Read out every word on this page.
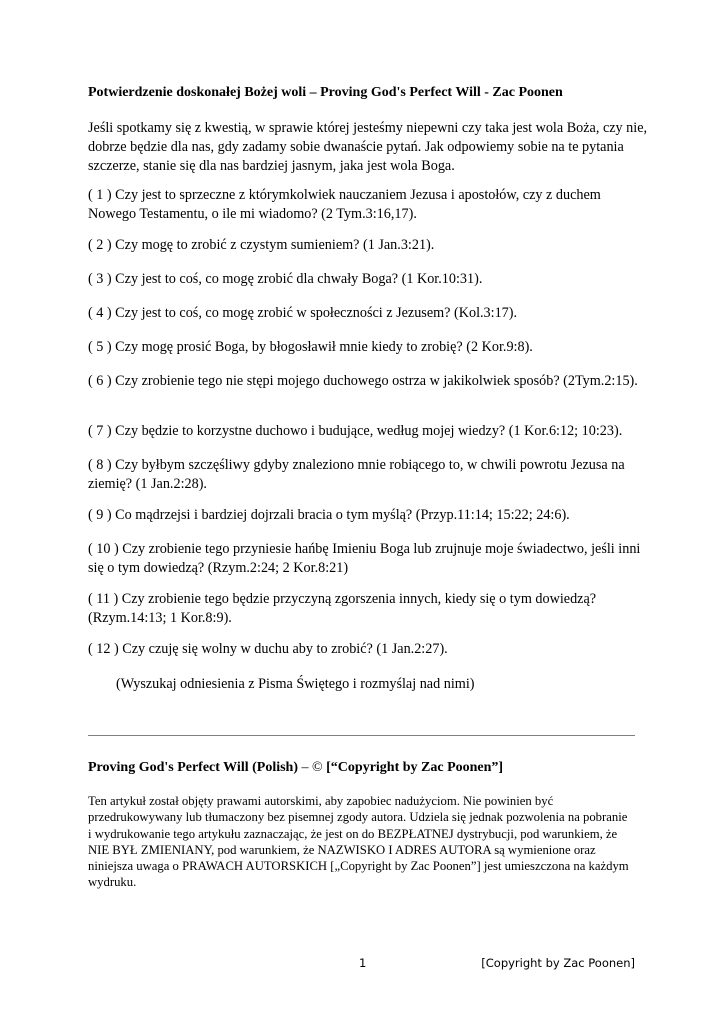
Potwierdzenie doskonałej Bożej woli – Proving God's Perfect Will - Zac Poonen

Jeśli spotkamy się z kwestią, w sprawie której jesteśmy niepewni czy taka jest wola Boża, czy nie, dobrze będzie dla nas, gdy zadamy sobie dwanaście pytań. Jak odpowiemy sobie na te pytania szczerze, stanie się dla nas bardziej jasnym, jaka jest wola Boga.

( 1 ) Czy jest to sprzeczne z którymkolwiek nauczaniem Jezusa i apostołów, czy z duchem Nowego Testamentu, o ile mi wiadomo? (2 Tym.3:16,17).

( 2 ) Czy mogę to zrobić z czystym sumieniem? (1 Jan.3:21).

( 3 ) Czy jest to coś, co mogę zrobić dla chwały Boga? (1 Kor.10:31).

( 4 ) Czy jest to coś, co mogę zrobić w społeczności z Jezusem? (Kol.3:17).

( 5 ) Czy mogę prosić Boga, by błogosławił mnie kiedy to zrobię? (2 Kor.9:8).

( 6 ) Czy zrobienie tego nie stępi mojego duchowego ostrza w jakikolwiek sposób? (2Tym.2:15).

( 7 ) Czy będzie to korzystne duchowo i budujące, według mojej wiedzy? (1 Kor.6:12; 10:23).

( 8 ) Czy byłbym szczęśliwy gdyby znaleziono mnie robiącego to, w chwili powrotu Jezusa na ziemię? (1 Jan.2:28).

( 9 ) Co mądrzejsi i bardziej dojrzali bracia o tym myślą? (Przyp.11:14; 15:22; 24:6).

( 10 ) Czy zrobienie tego przyniesie hańbę Imieniu Boga lub zrujnuje moje świadectwo, jeśli inni się o tym dowiedzą? (Rzym.2:24; 2 Kor.8:21)

( 11 ) Czy zrobienie tego będzie przyczyną zgorszenia innych, kiedy się o tym dowiedzą? (Rzym.14:13; 1 Kor.8:9).

( 12 ) Czy czuję się wolny w duchu aby to zrobić? (1 Jan.2:27).

(Wyszukaj odniesienia z Pisma Świętego i rozmyślaj nad nimi)
Proving God's Perfect Will (Polish) – © [“Copyright by Zac Poonen”]

Ten artykuł został objęty prawami autorskimi, aby zapobiec nadużyciom. Nie powinien być przedrukowywany lub tłumaczony bez pisemnej zgody autora. Udziela się jednak pozwolenia na pobranie i wydrukowanie tego artykułu zaznaczając, że jest on do BEZPŁATNEJ dystrybucji, pod warunkiem, że NIE BYŁ ZMIENIANY, pod warunkiem, że NAZWISKO I ADRES AUTORA są wymienione oraz niniejsza uwaga o PRAWACH AUTORSKICH [„Copyright by Zac Poonen”] jest umieszczona na każdym wydruku.

1	[Copyright by Zac Poonen]
